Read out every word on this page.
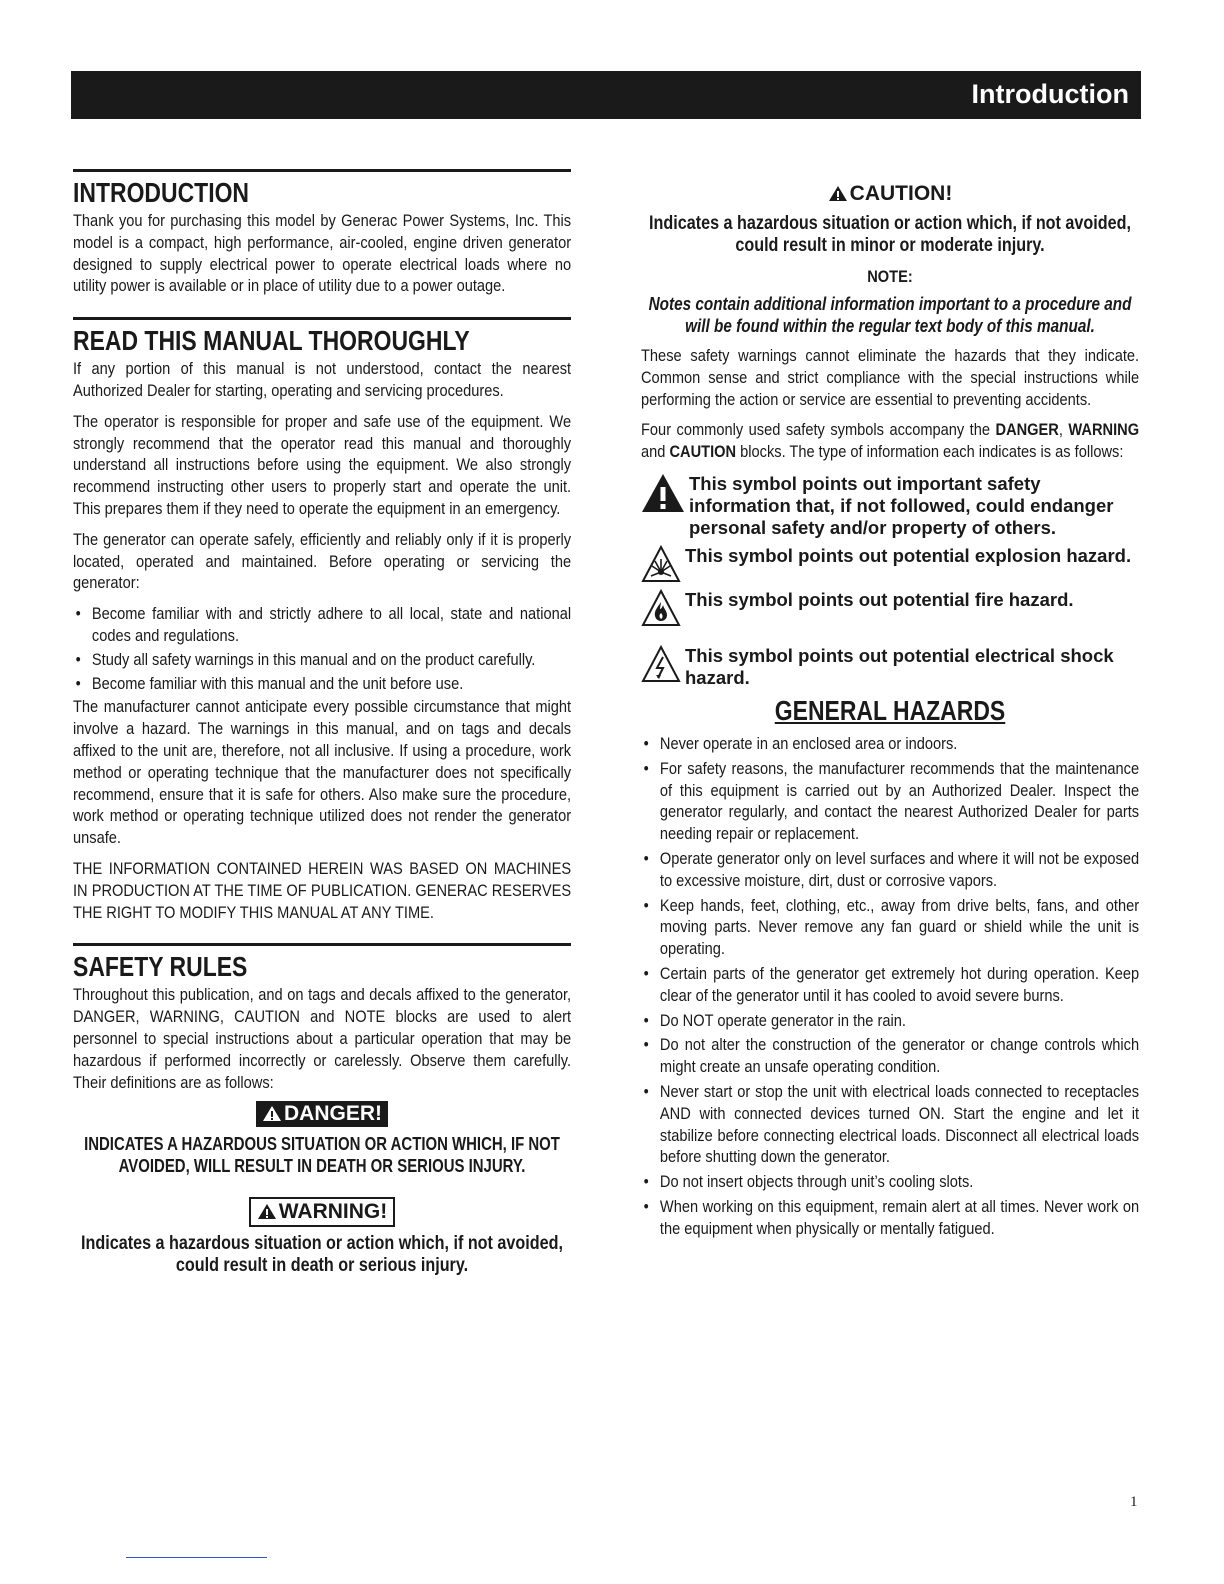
Introduction
INTRODUCTION

Thank you for purchasing this model by Generac Power Systems, Inc. This model is a compact, high performance, air-cooled, engine driven generator designed to supply electrical power to operate electrical loads where no utility power is available or in place of utility due to a power outage.

READ THIS MANUAL THOROUGHLY

If any portion of this manual is not understood, contact the nearest Authorized Dealer for starting, operating and servicing procedures.

The operator is responsible for proper and safe use of the equipment. We strongly recommend that the operator read this manual and thoroughly understand all instructions before using the equipment. We also strongly recommend instructing other users to properly start and operate the unit. This prepares them if they need to operate the equipment in an emergency.

The generator can operate safely, efficiently and reliably only if it is properly located, operated and maintained. Before operating or servicing the generator:

• Become familiar with and strictly adhere to all local, state and national codes and regulations.
• Study all safety warnings in this manual and on the product carefully.
• Become familiar with this manual and the unit before use.

The manufacturer cannot anticipate every possible circumstance that might involve a hazard. The warnings in this manual, and on tags and decals affixed to the unit are, therefore, not all inclusive. If using a procedure, work method or operating technique that the manufacturer does not specifically recommend, ensure that it is safe for others. Also make sure the procedure, work method or operating technique utilized does not render the generator unsafe.

THE INFORMATION CONTAINED HEREIN WAS BASED ON MACHINES IN PRODUCTION AT THE TIME OF PUBLICATION. GENERAC RESERVES THE RIGHT TO MODIFY THIS MANUAL AT ANY TIME.

SAFETY RULES

Throughout this publication, and on tags and decals affixed to the generator, DANGER, WARNING, CAUTION and NOTE blocks are used to alert personnel to special instructions about a particular operation that may be hazardous if performed incorrectly or carelessly. Observe them carefully. Their definitions are as follows:

DANGER!

INDICATES A HAZARDOUS SITUATION OR ACTION WHICH, IF NOT AVOIDED, WILL RESULT IN DEATH OR SERIOUS INJURY.

WARNING!

Indicates a hazardous situation or action which, if not avoided, could result in death or serious injury.

CAUTION!

Indicates a hazardous situation or action which, if not avoided, could result in minor or moderate injury.

NOTE:

Notes contain additional information important to a procedure and will be found within the regular text body of this manual.

These safety warnings cannot eliminate the hazards that they indicate. Common sense and strict compliance with the special instructions while performing the action or service are essential to preventing accidents.

Four commonly used safety symbols accompany the DANGER, WARNING and CAUTION blocks. The type of information each indicates is as follows:

This symbol points out important safety information that, if not followed, could endanger personal safety and/or property of others.
This symbol points out potential explosion hazard.
This symbol points out potential fire hazard.
This symbol points out potential electrical shock hazard.
GENERAL HAZARDS
• Never operate in an enclosed area or indoors.
• For safety reasons, the manufacturer recommends that the maintenance of this equipment is carried out by an Authorized Dealer. Inspect the generator regularly, and contact the nearest Authorized Dealer for parts needing repair or replacement.
• Operate generator only on level surfaces and where it will not be exposed to excessive moisture, dirt, dust or corrosive vapors.
• Keep hands, feet, clothing, etc., away from drive belts, fans, and other moving parts. Never remove any fan guard or shield while the unit is operating.
• Certain parts of the generator get extremely hot during operation. Keep clear of the generator until it has cooled to avoid severe burns.
• Do NOT operate generator in the rain.
• Do not alter the construction of the generator or change controls which might create an unsafe operating condition.
• Never start or stop the unit with electrical loads connected to receptacles AND with connected devices turned ON. Start the engine and let it stabilize before connecting electrical loads. Disconnect all electrical loads before shutting down the generator.
• Do not insert objects through unit’s cooling slots.
• When working on this equipment, remain alert at all times. Never work on the equipment when physically or mentally fatigued.
1
